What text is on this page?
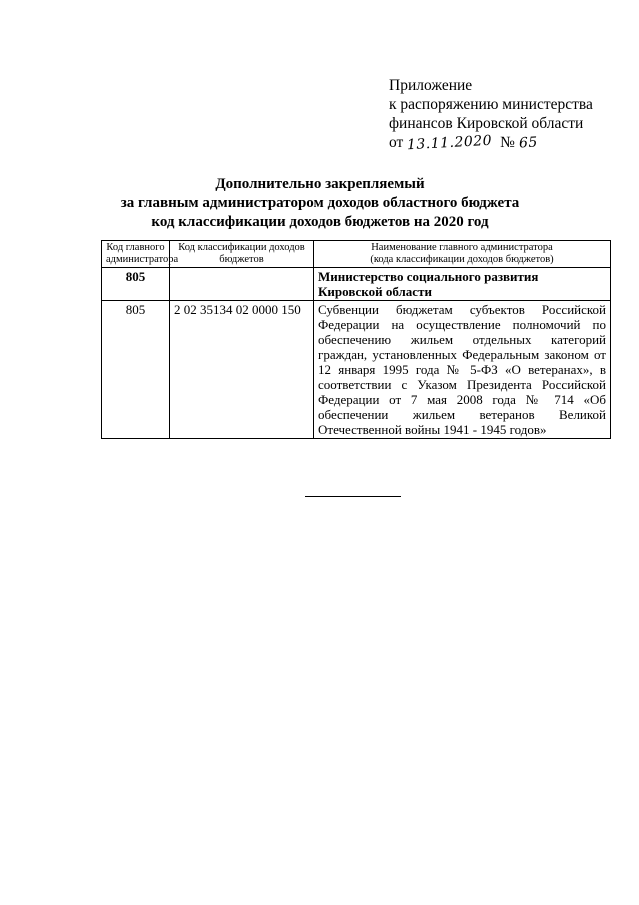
Приложение
к распоряжению министерства
финансов Кировской области
от 13.11.2020 № 65
Дополнительно закрепляемый
за главным администратором доходов областного бюджета
код классификации доходов бюджетов на 2020 год
Код главного администратора	Код классификации доходов бюджетов	Наименование главного администратора
(кода классификации доходов бюджетов)

805		Министерство социального развития Кировской области
805	2 02 35134 02 0000 150	Субвенции бюджетам субъектов Российской Федерации на осуществление полномочий по обеспечению жильем отдельных категорий граждан, установленных Федеральным законом от 12 января 1995 года № 5-ФЗ «О ветеранах», в соответствии с Указом Президента Российской Федерации от 7 мая 2008 года № 714 «Об обеспечении жильем ветеранов Великой Отечественной войны 1941 - 1945 годов»
